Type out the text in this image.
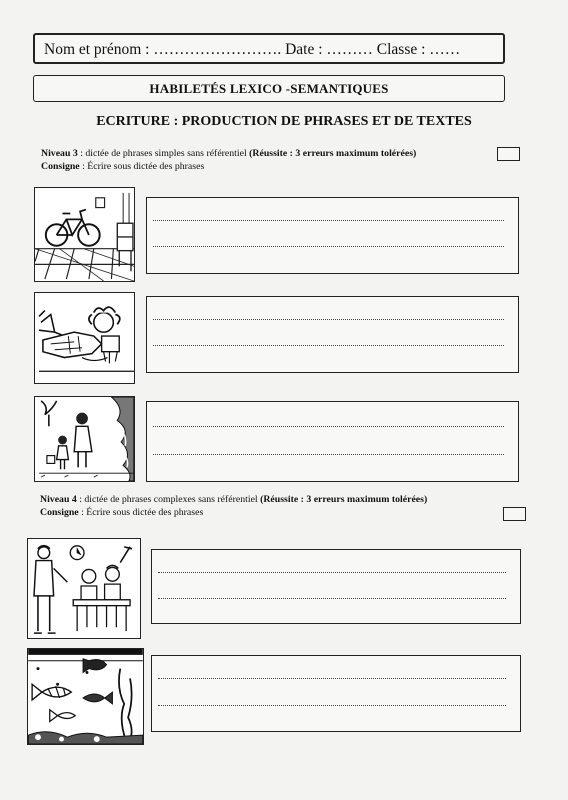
Nom et prénom : ……………………. Date : ……… Classe : ……
HABILETÉS LEXICO -SEMANTIQUES
ECRITURE : PRODUCTION DE PHRASES ET DE TEXTES
Niveau 3 : dictée de phrases simples sans référentiel (Réussite : 3 erreurs maximum tolérées)
Consigne : Écrire sous dictée des phrases
Niveau 4 : dictée de phrases complexes sans référentiel (Réussite : 3 erreurs maximum tolérées)
Consigne : Écrire sous dictée des phrases
